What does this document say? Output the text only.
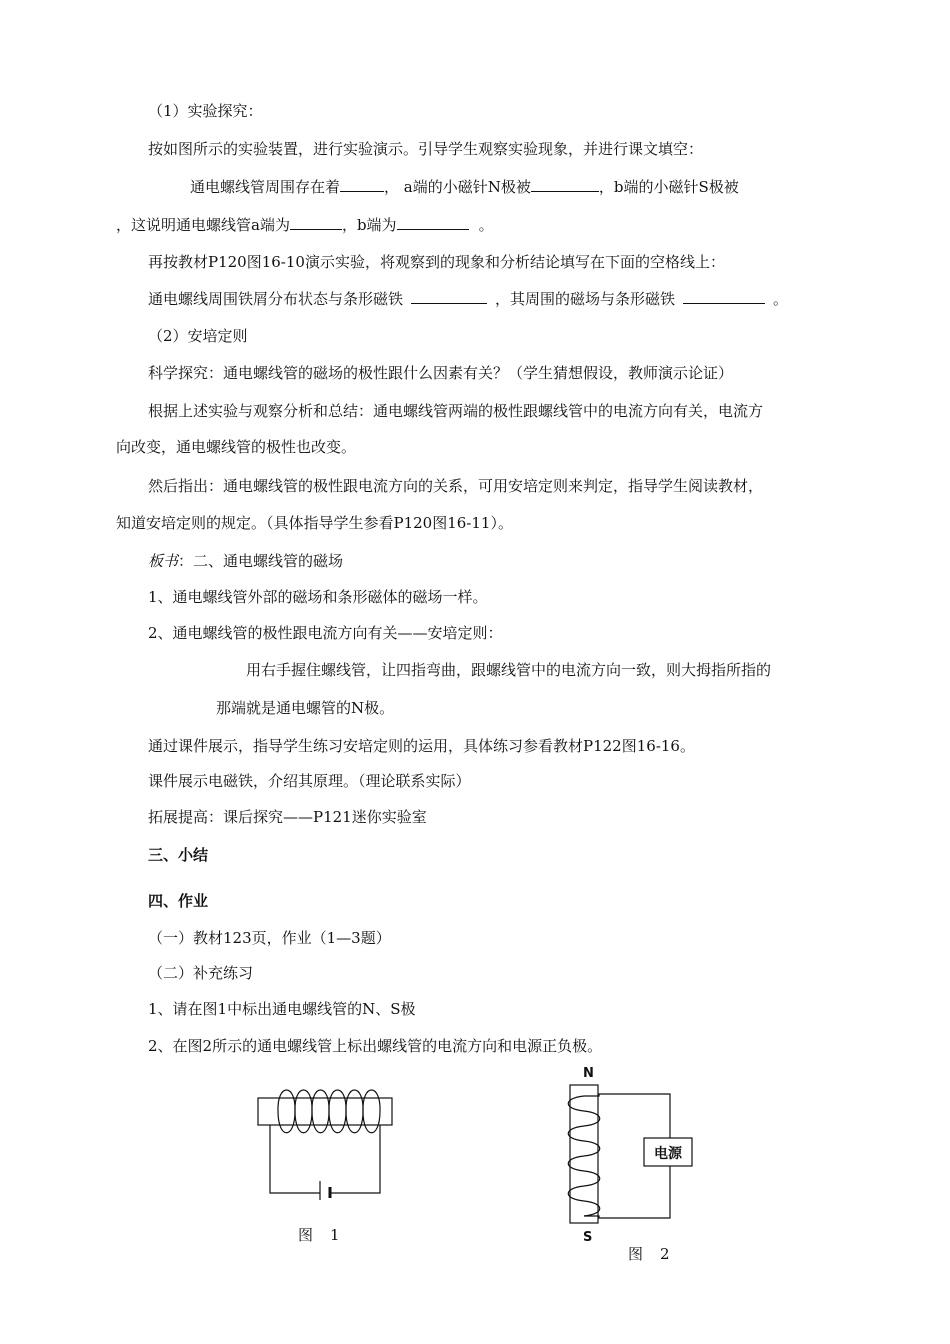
（1）实验探究：
按如图所示的实验装置，进行实验演示。引导学生观察实验现象，并进行课文填空：
通电螺线管周围存在着	， a端的小磁针N极被	，b端的小磁针S极被
，这说明通电螺线管a端为	，b端为	。
再按教材P120图16-10演示实验，将观察到的现象和分析结论填写在下面的空格线上：
通电螺线周围铁屑分布状态与条形磁铁	，其周围的磁场与条形磁铁	。
（2）安培定则
科学探究：通电螺线管的磁场的极性跟什么因素有关？（学生猜想假设，教师演示论证）
根据上述实验与观察分析和总结：通电螺线管两端的极性跟螺线管中的电流方向有关，电流方
向改变，通电螺线管的极性也改变。
然后指出：通电螺线管的极性跟电流方向的关系，可用安培定则来判定，指导学生阅读教材，
知道安培定则的规定。（具体指导学生参看P120图16-11）。
板书：二、通电螺线管的磁场
1、通电螺线管外部的磁场和条形磁体的磁场一样。
2、通电螺线管的极性跟电流方向有关——安培定则：
用右手握住螺线管，让四指弯曲，跟螺线管中的电流方向一致，则大拇指所指的
那端就是通电螺管的N极。
通过课件展示，指导学生练习安培定则的运用，具体练习参看教材P122图16-16。
课件展示电磁铁，介绍其原理。（理论联系实际）
拓展提高：课后探究——P121迷你实验室
三、小结
四、作业
（一）教材123页，作业（1—3题）
（二）补充练习
1、请在图1中标出通电螺线管的N、S极
2、在图2所示的通电螺线管上标出螺线管的电流方向和电源正负极。
图　1
N
电源
S
图　2
